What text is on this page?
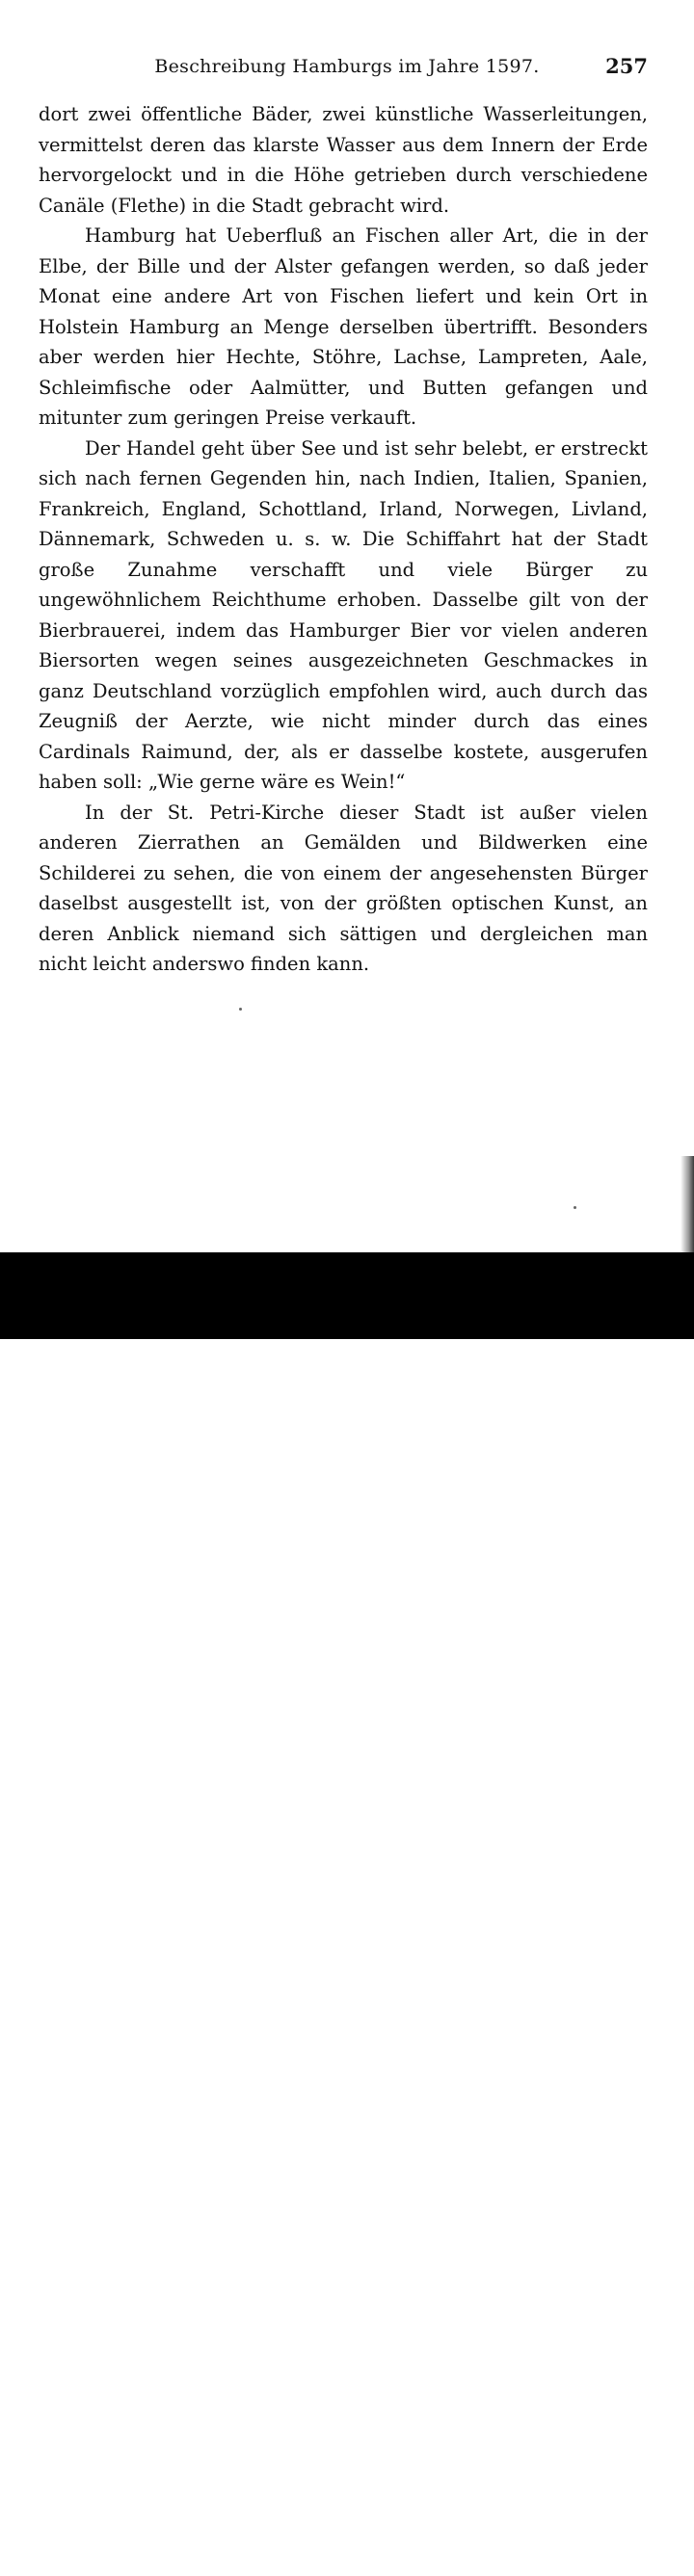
Beschreibung Hamburgs im Jahre 1597.	257

dort zwei öffentliche Bäder, zwei künstliche Wasserleitungen, vermittelst deren das klarste Wasser aus dem Innern der Erde hervorgelockt und in die Höhe getrieben durch verschiedene Canäle (Flethe) in die Stadt gebracht wird.

Hamburg hat Ueberfluß an Fischen aller Art, die in der Elbe, der Bille und der Alster gefangen werden, so daß jeder Monat eine andere Art von Fischen liefert und kein Ort in Holstein Hamburg an Menge derselben übertrifft. Besonders aber werden hier Hechte, Stöhre, Lachse, Lampreten, Aale, Schleimfische oder Aalmütter, und Butten gefangen und mitunter zum geringen Preise verkauft.

Der Handel geht über See und ist sehr belebt, er erstreckt sich nach fernen Gegenden hin, nach Indien, Italien, Spanien, Frankreich, England, Schottland, Irland, Norwegen, Livland, Dännemark, Schweden u. s. w. Die Schiffahrt hat der Stadt große Zunahme verschafft und viele Bürger zu ungewöhnlichem Reichthume erhoben. Dasselbe gilt von der Bierbrauerei, indem das Hamburger Bier vor vielen anderen Biersorten wegen seines ausgezeichneten Geschmackes in ganz Deutschland vorzüglich empfohlen wird, auch durch das Zeugniß der Aerzte, wie nicht minder durch das eines Cardinals Raimund, der, als er dasselbe kostete, ausgerufen haben soll: „Wie gerne wäre es Wein!“

In der St. Petri-Kirche dieser Stadt ist außer vielen anderen Zierrathen an Gemälden und Bildwerken eine Schilderei zu sehen, die von einem der angesehensten Bürger daselbst ausgestellt ist, von der größten optischen Kunst, an deren Anblick niemand sich sättigen und dergleichen man nicht leicht anderswo finden kann.

alamy	2F5KJKJ
www.alamy.com
